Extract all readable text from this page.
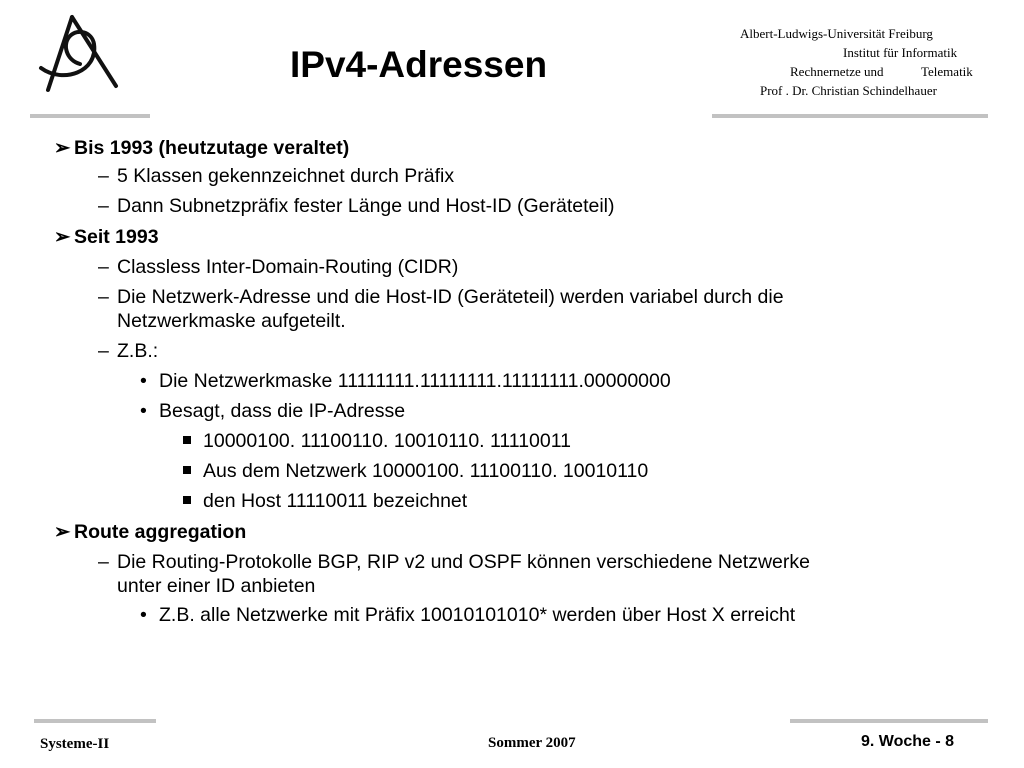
IPv4-Adressen
Albert-Ludwigs-Universität Freiburg
Institut für Informatik
Rechnernetze und	Telematik
Prof . Dr. Christian Schindelhauer
➢ Bis 1993 (heutzutage veraltet)
– 5 Klassen gekennzeichnet durch Präfix
– Dann Subnetzpräfix fester Länge und Host-ID (Geräteteil)
➢ Seit 1993
– Classless Inter-Domain-Routing (CIDR)
– Die Netzwerk-Adresse und die Host-ID (Geräteteil) werden variabel durch die
Netzwerkmaske aufgeteilt.
– Z.B.:
• Die Netzwerkmaske 11111111.11111111.11111111.00000000
• Besagt, dass die IP-Adresse
10000100. 11100110. 10010110. 11110011
Aus dem Netzwerk 10000100. 11100110. 10010110
den Host 11110011 bezeichnet
➢ Route aggregation
– Die Routing-Protokolle BGP, RIP v2 und OSPF können verschiedene Netzwerke
unter einer ID anbieten
• Z.B. alle Netzwerke mit Präfix 10010101010* werden über Host X erreicht
Systeme-II	Sommer 2007	9. Woche - 8
